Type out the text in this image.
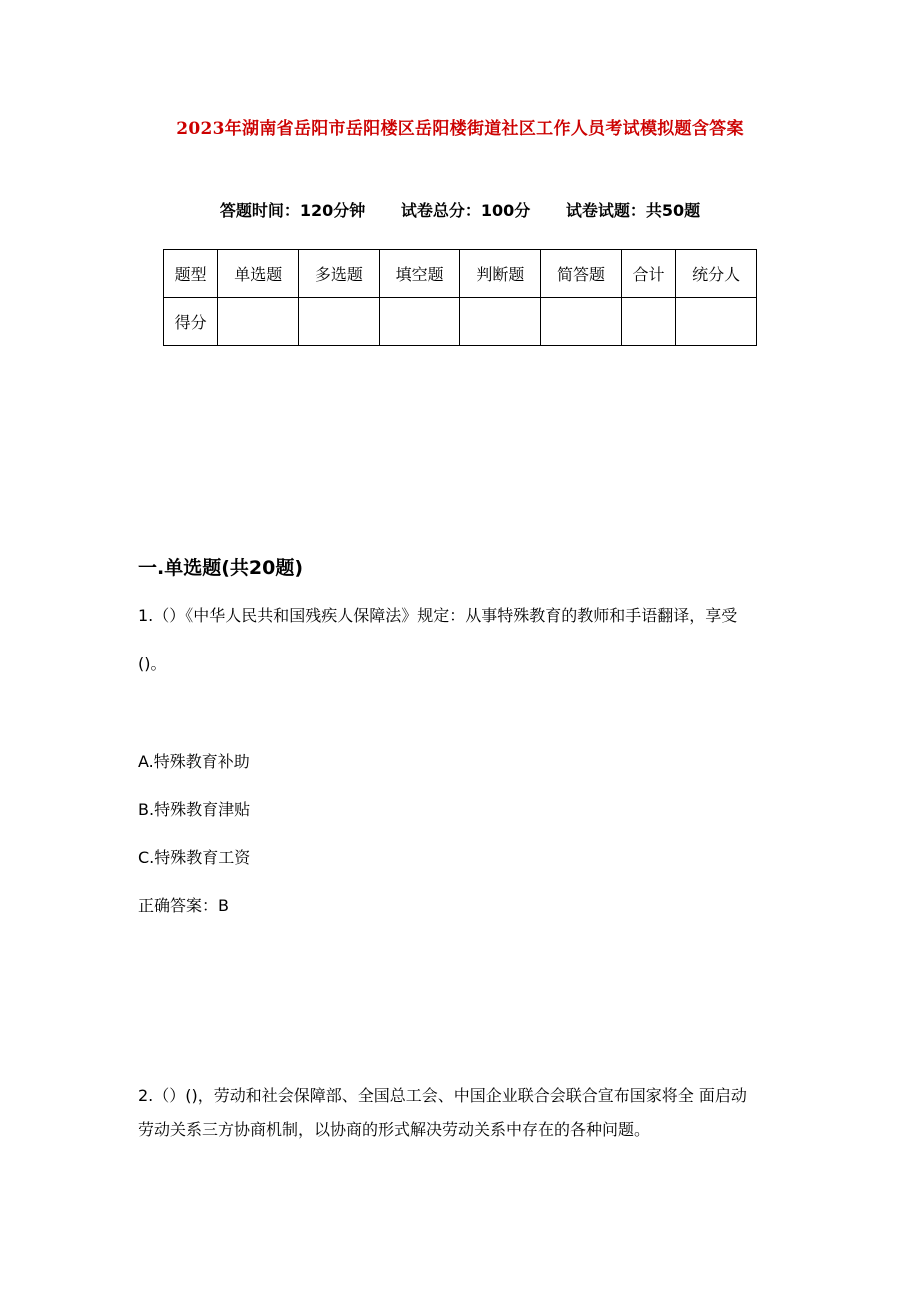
2023年湖南省岳阳市岳阳楼区岳阳楼街道社区工作人员考试模拟题含答案
答题时间：120分钟 试卷总分：100分 试卷试题：共50题
题型	单选题	多选题	填空题	判断题	简答题	合计	统分人
得分							
一.单选题(共20题)
1.（）《中华人民共和国残疾人保障法》规定：从事特殊教育的教师和手语翻译，享受
()。
A.特殊教育补助
B.特殊教育津贴
C.特殊教育工资
正确答案：B
2.（）()，劳动和社会保障部、全国总工会、中国企业联合会联合宣布国家将全 面启动
劳动关系三方协商机制，以协商的形式解决劳动关系中存在的各种问题。
